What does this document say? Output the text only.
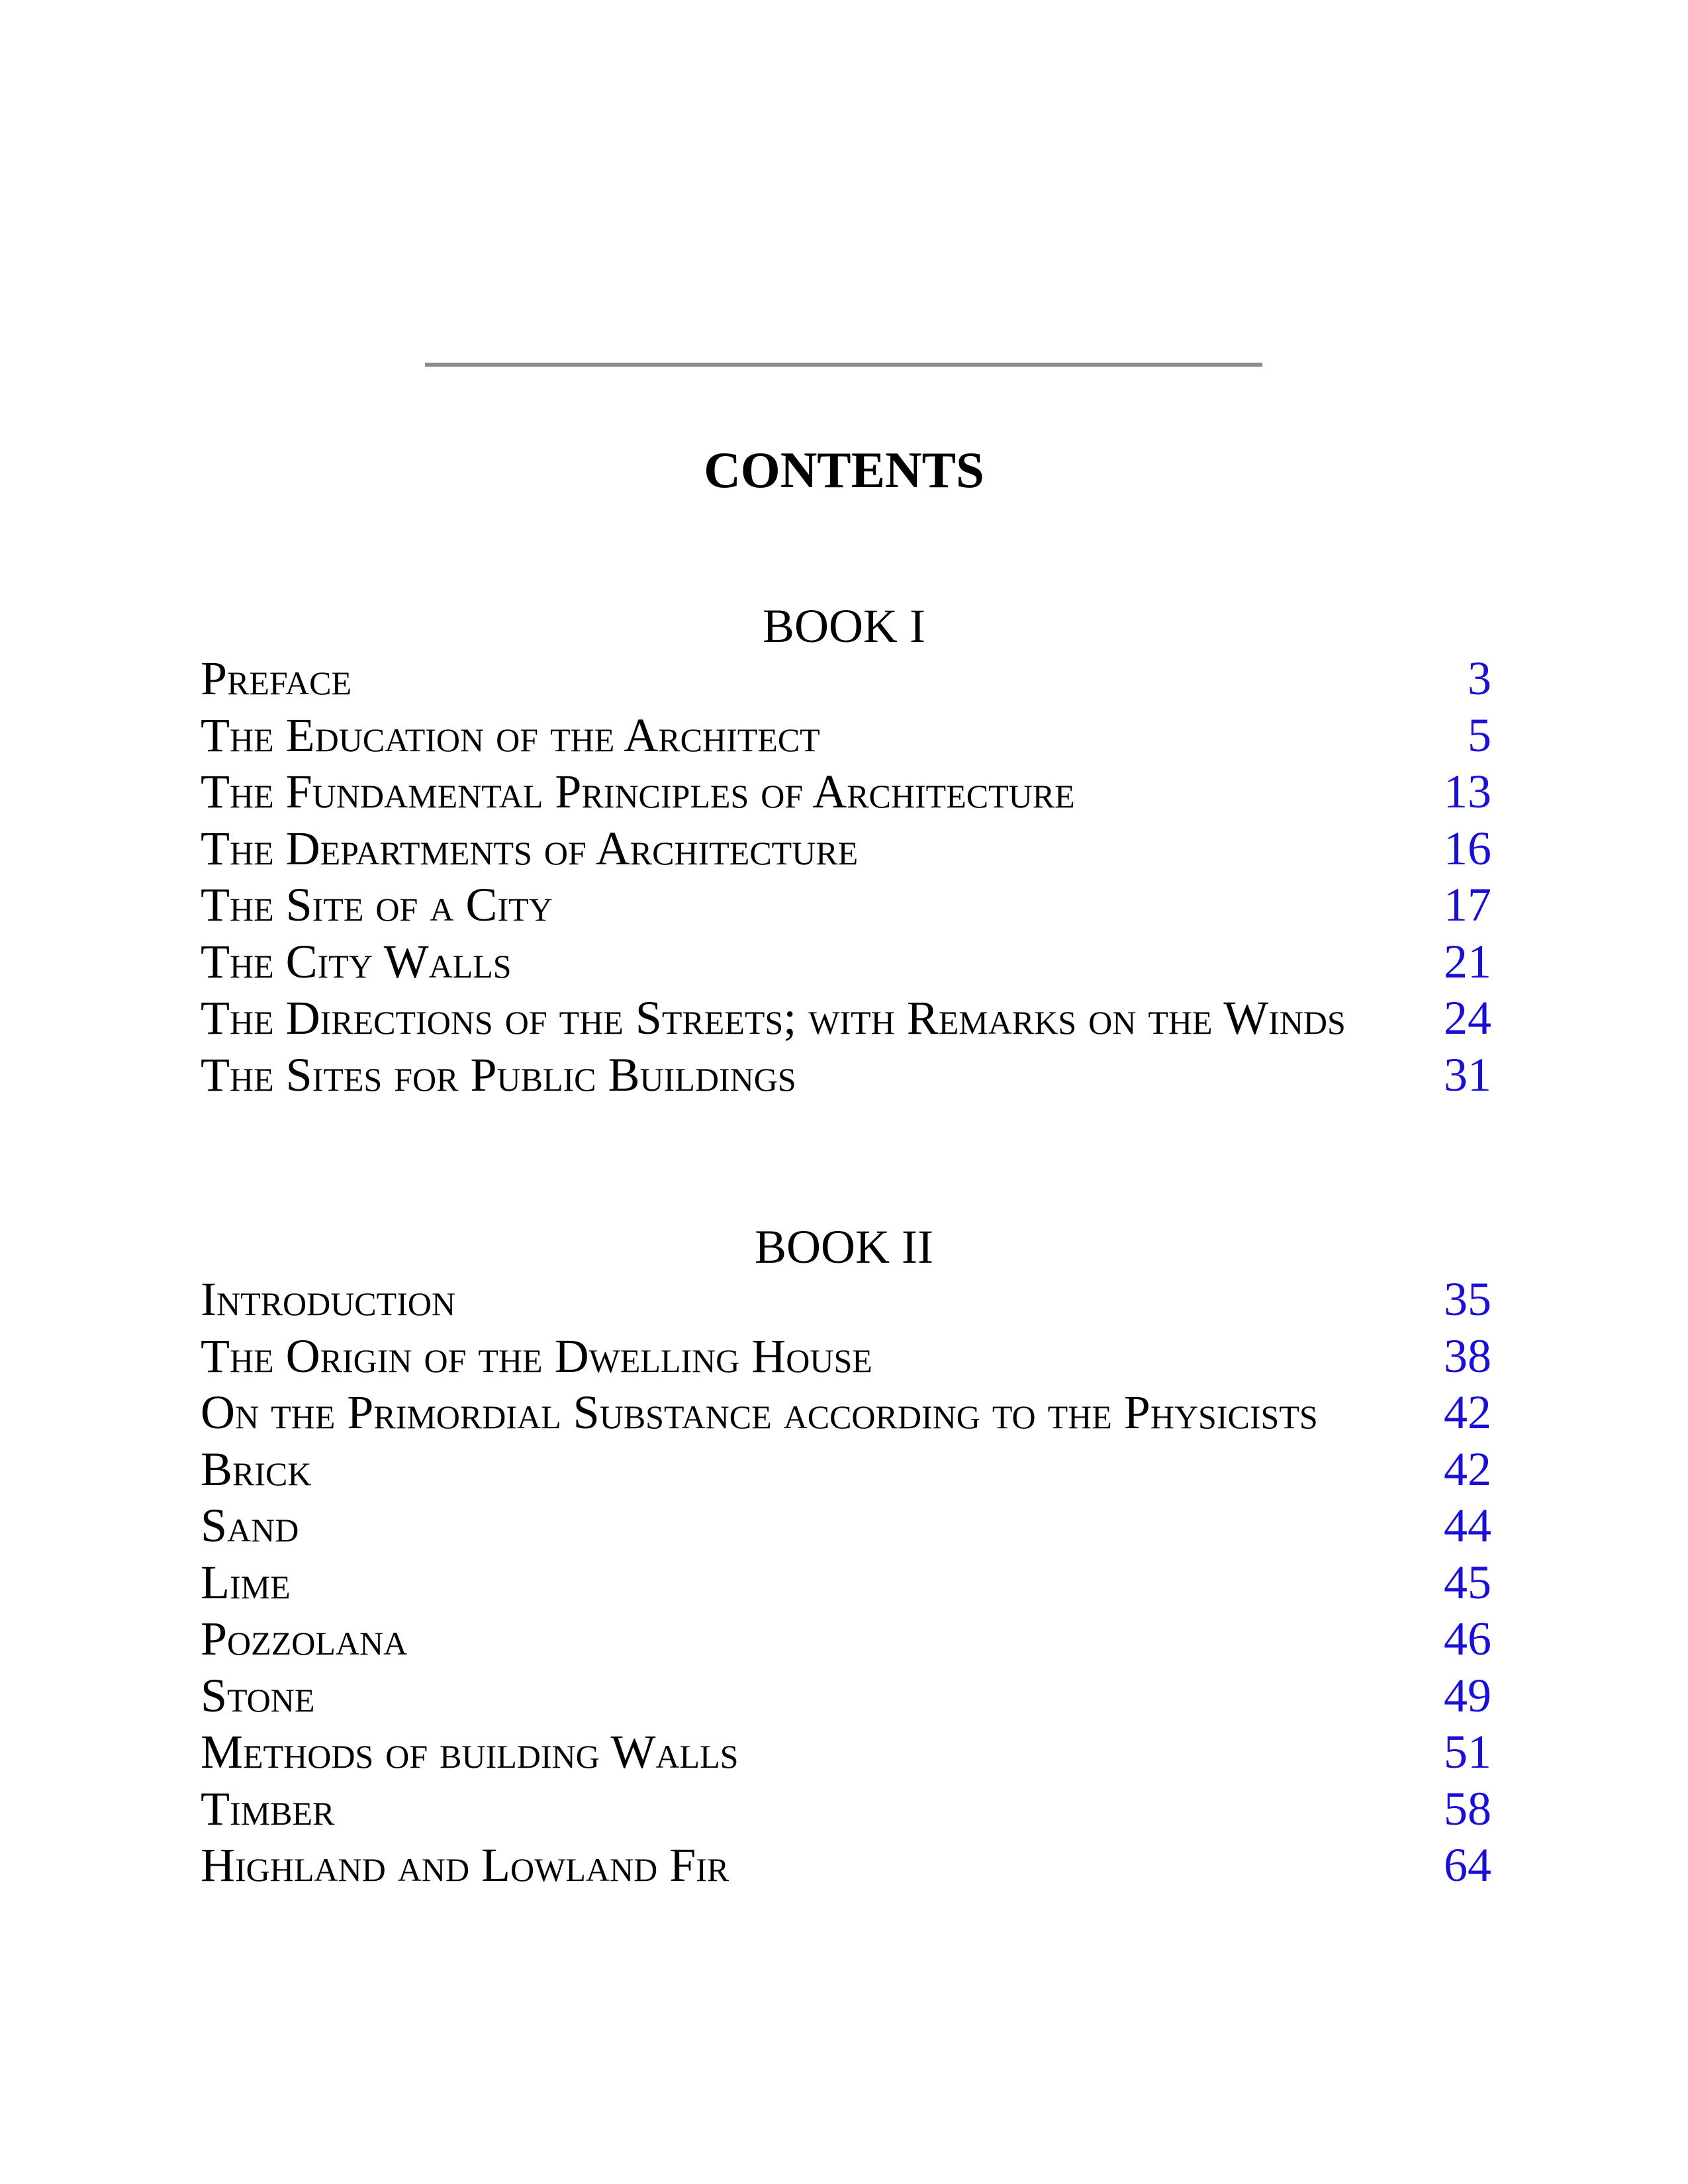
CONTENTS
BOOK I
Preface	3
The Education of the Architect	5
The Fundamental Principles of Architecture	13
The Departments of Architecture	16
The Site of a City	17
The City Walls	21
The Directions of the Streets; with Remarks on the Winds	24
The Sites for Public Buildings	31
BOOK II
Introduction	35
The Origin of the Dwelling House	38
On the Primordial Substance according to the Physicists	42
Brick	42
Sand	44
Lime	45
Pozzolana	46
Stone	49
Methods of building Walls	51
Timber	58
Highland and Lowland Fir	64
